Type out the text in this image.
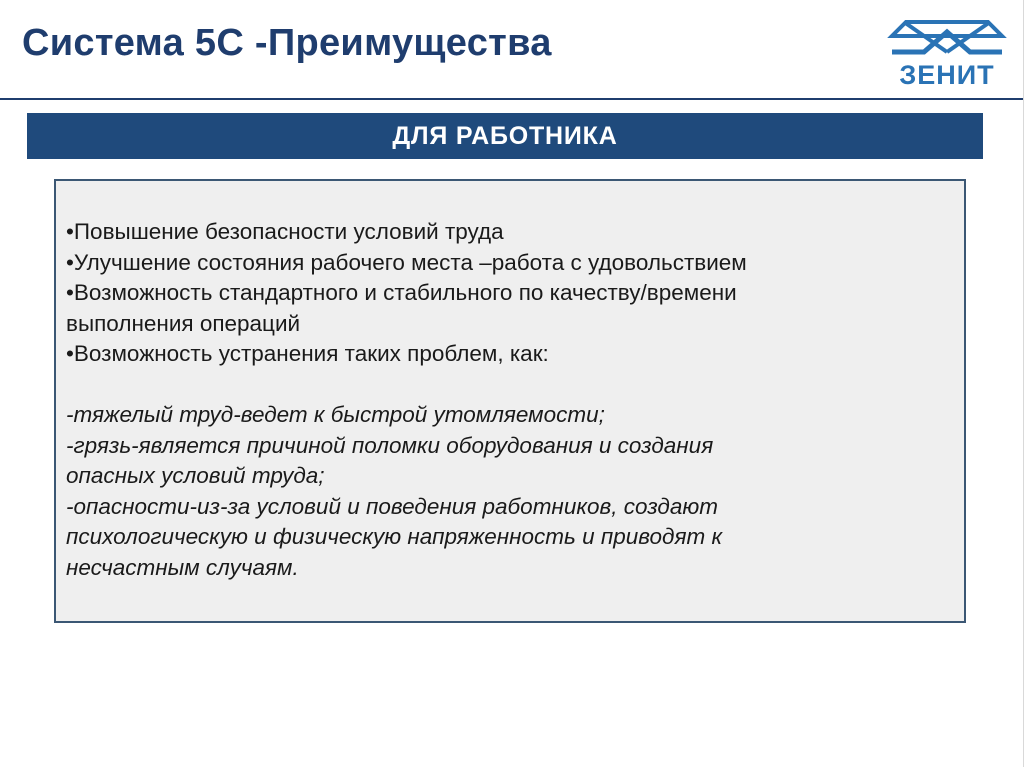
Система 5С -Преимущества
ЗЕНИТ
ДЛЯ РАБОТНИКА
•Повышение безопасности условий труда
•Улучшение состояния рабочего места –работа с удовольствием
•Возможность стандартного и стабильного по качеству/времени
выполнения операций
•Возможность устранения таких проблем, как:
-тяжелый труд-ведет к быстрой утомляемости;
-грязь-является причиной поломки оборудования и создания
опасных условий труда;
-опасности-из-за условий и поведения работников, создают
психологическую и физическую напряженность и приводят к
несчастным случаям.
